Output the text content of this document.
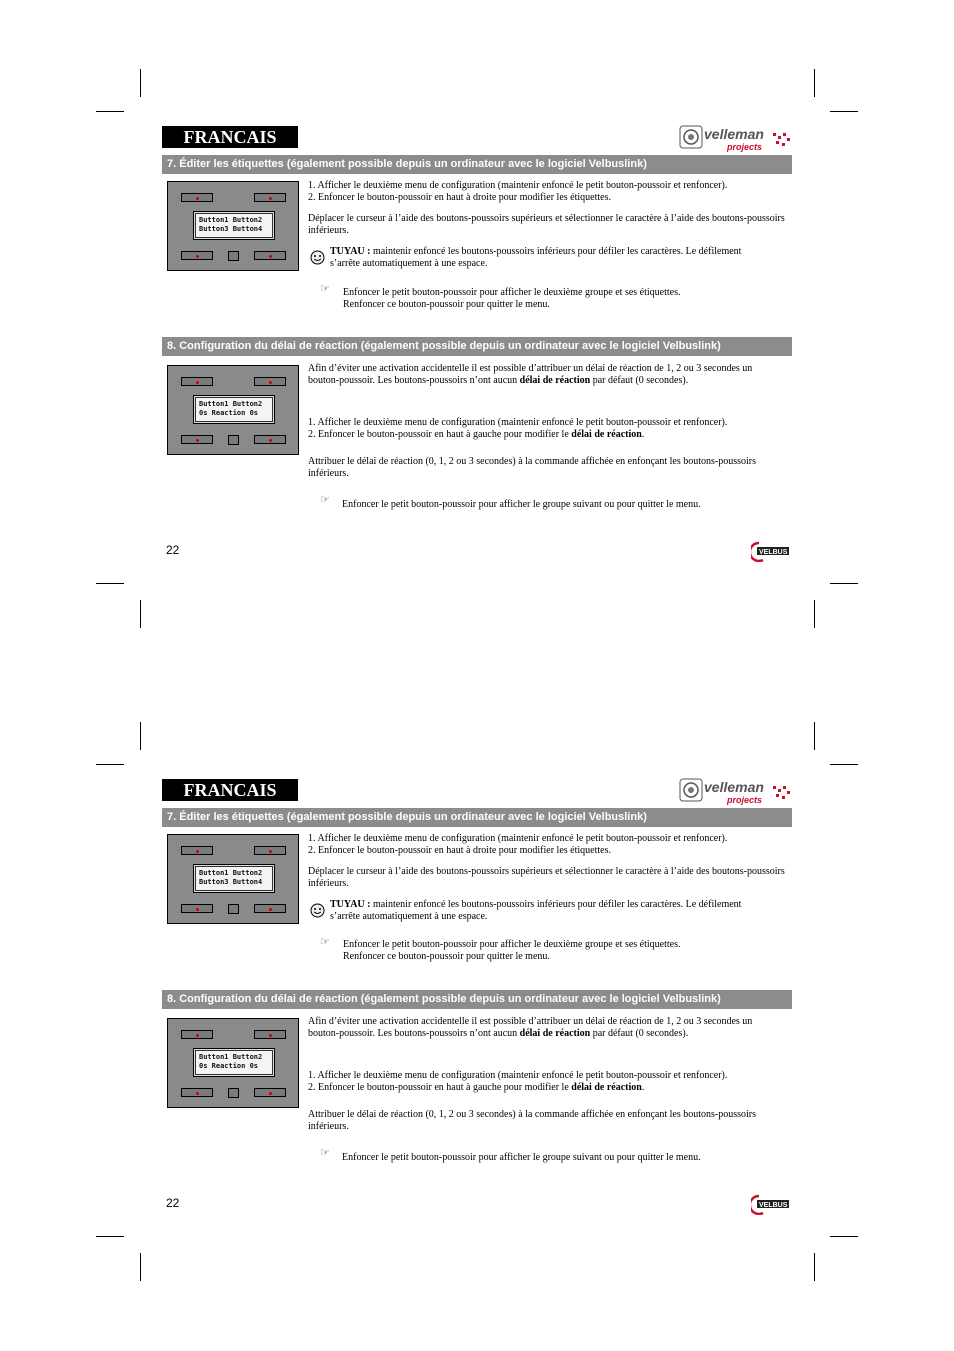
FRANCAIS	velleman
projects
7. Éditer les étiquettes (également possible depuis un ordinateur avec le logiciel Velbuslink)
Button1 Button2
Button3 Button4

1. Afficher le deuxième menu de configuration (maintenir enfoncé le petit bouton-poussoir et renfoncer).

2. Enfoncer le bouton-poussoir en haut à droite pour modifier les étiquettes.

Déplacer le curseur à l’aide des boutons-poussoirs supérieurs et sélectionner le caractère à l’aide des boutons-poussoirs inférieurs.

TUYAU : maintenir enfoncé les boutons-poussoirs inférieurs pour défiler les caractères. Le défilement s’arrête automatiquement à une espace.
☞ Enfoncer le petit bouton-poussoir pour afficher le deuxième groupe et ses étiquettes.

Renfoncer ce bouton-poussoir pour quitter le menu.

8. Configuration du délai de réaction (également possible depuis un ordinateur avec le logiciel Velbuslink)
Button1 Button2
0s Reaction 0s
Afin d’éviter une activation accidentelle il est possible d’attribuer un délai de réaction de 1, 2 ou 3 secondes un bouton-poussoir. Les boutons-poussoirs n’ont aucun délai de réaction par défaut (0 secondes).

1. Afficher le deuxième menu de configuration (maintenir enfoncé le petit bouton-poussoir et renfoncer).

2. Enfoncer le bouton-poussoir en haut à gauche pour modifier le délai de réaction.

Attribuer le délai de réaction (0, 1, 2 ou 3 secondes) à la commande affichée en enfonçant les boutons-poussoirs inférieurs.
☞ Enfoncer le petit bouton-poussoir pour afficher le groupe suivant ou pour quitter le menu.
22	VELBUS
FRANCAIS	velleman
projects
7. Éditer les étiquettes (également possible depuis un ordinateur avec le logiciel Velbuslink)
Button1 Button2
Button3 Button4

1. Afficher le deuxième menu de configuration (maintenir enfoncé le petit bouton-poussoir et renfoncer).

2. Enfoncer le bouton-poussoir en haut à droite pour modifier les étiquettes.

Déplacer le curseur à l’aide des boutons-poussoirs supérieurs et sélectionner le caractère à l’aide des boutons-poussoirs inférieurs.

TUYAU : maintenir enfoncé les boutons-poussoirs inférieurs pour défiler les caractères. Le défilement s’arrête automatiquement à une espace.
☞ Enfoncer le petit bouton-poussoir pour afficher le deuxième groupe et ses étiquettes.

Renfoncer ce bouton-poussoir pour quitter le menu.

8. Configuration du délai de réaction (également possible depuis un ordinateur avec le logiciel Velbuslink)
Button1 Button2
0s Reaction 0s
Afin d’éviter une activation accidentelle il est possible d’attribuer un délai de réaction de 1, 2 ou 3 secondes un bouton-poussoir. Les boutons-poussoirs n’ont aucun délai de réaction par défaut (0 secondes).

1. Afficher le deuxième menu de configuration (maintenir enfoncé le petit bouton-poussoir et renfoncer).

2. Enfoncer le bouton-poussoir en haut à gauche pour modifier le délai de réaction.

Attribuer le délai de réaction (0, 1, 2 ou 3 secondes) à la commande affichée en enfonçant les boutons-poussoirs inférieurs.
☞ Enfoncer le petit bouton-poussoir pour afficher le groupe suivant ou pour quitter le menu.
22	VELBUS
